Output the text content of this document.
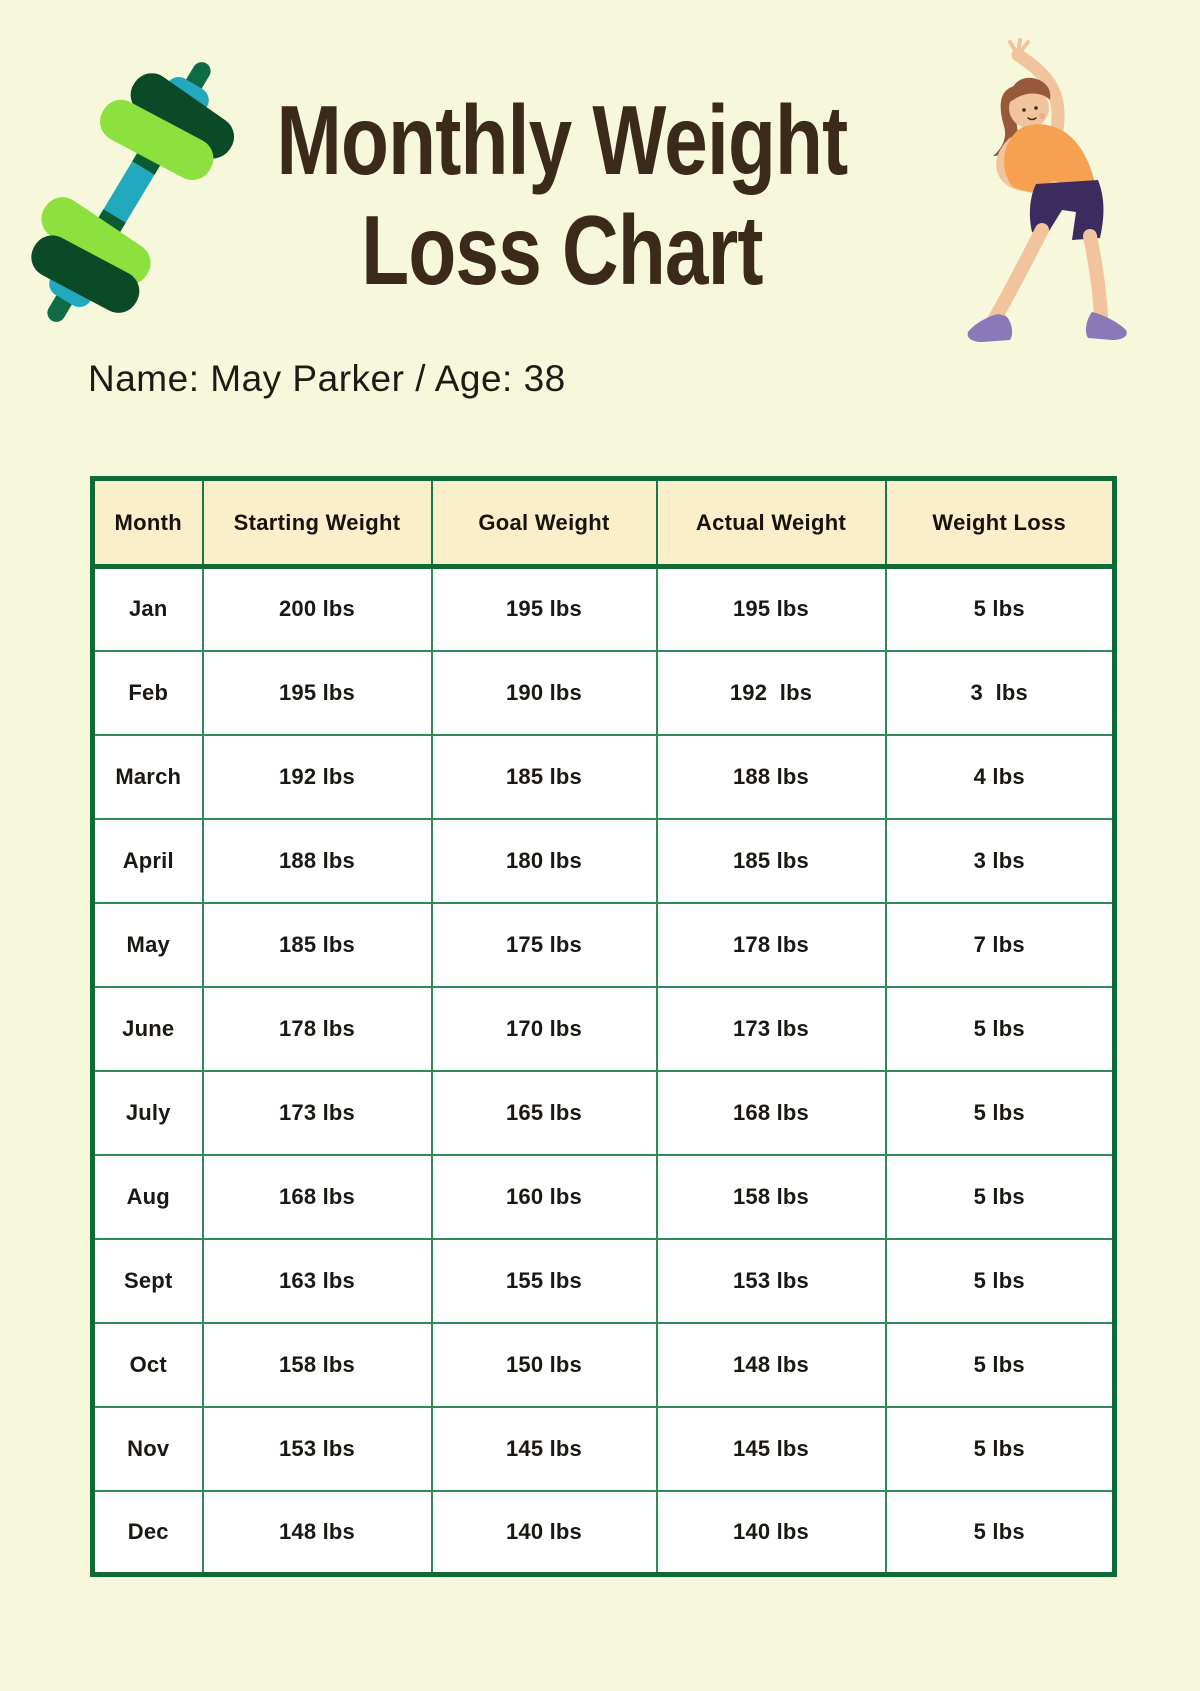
Monthly Weight
Loss Chart
Name: May Parker / Age: 38
Month	Starting Weight	Goal Weight	Actual Weight	Weight Loss
Jan	200 lbs	195 lbs	195 lbs	5 lbs
Feb	195 lbs	190 lbs	192  lbs	3  lbs
March	192 lbs	185 lbs	188 lbs	4 lbs
April	188 lbs	180 lbs	185 lbs	3 lbs
May	185 lbs	175 lbs	178 lbs	7 lbs
June	178 lbs	170 lbs	173 lbs	5 lbs
July	173 lbs	165 lbs	168 lbs	5 lbs
Aug	168 lbs	160 lbs	158 lbs	5 lbs
Sept	163 lbs	155 lbs	153 lbs	5 lbs
Oct	158 lbs	150 lbs	148 lbs	5 lbs
Nov	153 lbs	145 lbs	145 lbs	5 lbs
Dec	148 lbs	140 lbs	140 lbs	5 lbs
